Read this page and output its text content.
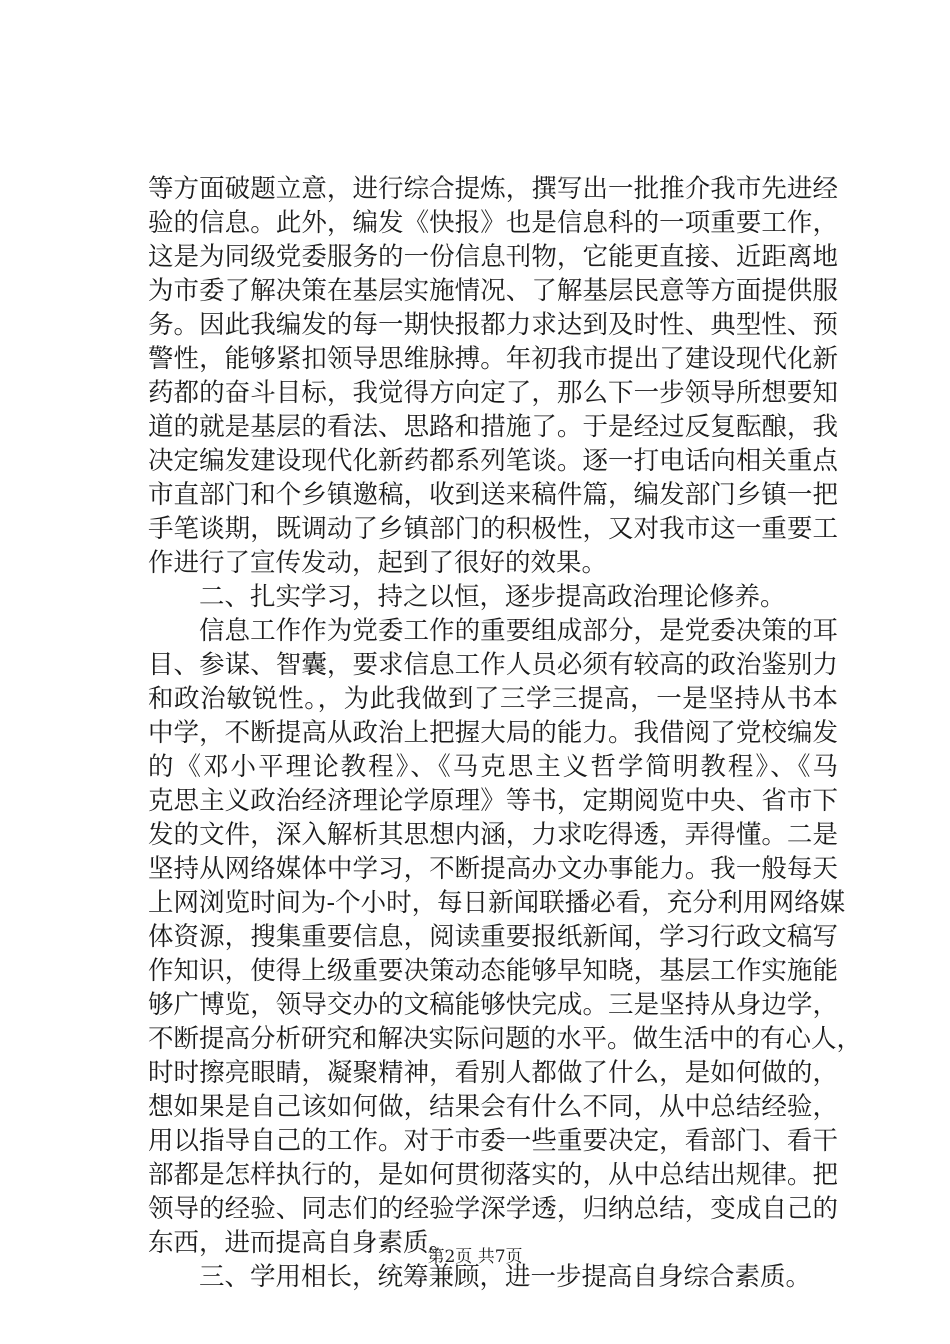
等方面破题立意，进行综合提炼，撰写出一批推介我市先进经
验的信息。此外，编发《快报》也是信息科的一项重要工作，
这是为同级党委服务的一份信息刊物，它能更直接、近距离地
为市委了解决策在基层实施情况、了解基层民意等方面提供服
务。因此我编发的每一期快报都力求达到及时性、典型性、预
警性，能够紧扣领导思维脉搏。年初我市提出了建设现代化新
药都的奋斗目标，我觉得方向定了，那么下一步领导所想要知
道的就是基层的看法、思路和措施了。于是经过反复酝酿，我
决定编发建设现代化新药都系列笔谈。逐一打电话向相关重点
市直部门和个乡镇邀稿，收到送来稿件篇，编发部门乡镇一把
手笔谈期，既调动了乡镇部门的积极性，又对我市这一重要工
作进行了宣传发动，起到了很好的效果。
二、扎实学习，持之以恒，逐步提高政治理论修养。
信息工作作为党委工作的重要组成部分，是党委决策的耳
目、参谋、智囊，要求信息工作人员必须有较高的政治鉴别力
和政治敏锐性。，为此我做到了三学三提高，一是坚持从书本
中学，不断提高从政治上把握大局的能力。我借阅了党校编发
的《邓小平理论教程》、《马克思主义哲学简明教程》、《马
克思主义政治经济理论学原理》等书，定期阅览中央、省市下
发的文件，深入解析其思想内涵，力求吃得透，弄得懂。二是
坚持从网络媒体中学习，不断提高办文办事能力。我一般每天
上网浏览时间为-个小时，每日新闻联播必看，充分利用网络媒
体资源，搜集重要信息，阅读重要报纸新闻，学习行政文稿写
作知识，使得上级重要决策动态能够早知晓，基层工作实施能
够广博览，领导交办的文稿能够快完成。三是坚持从身边学，
不断提高分析研究和解决实际问题的水平。做生活中的有心人，
时时擦亮眼睛，凝聚精神，看别人都做了什么，是如何做的，
想如果是自己该如何做，结果会有什么不同，从中总结经验，
用以指导自己的工作。对于市委一些重要决定，看部门、看干
部都是怎样执行的，是如何贯彻落实的，从中总结出规律。把
领导的经验、同志们的经验学深学透，归纳总结，变成自己的
东西，进而提高自身素质。
三、学用相长，统筹兼顾，进一步提高自身综合素质。
第2页 共7页
